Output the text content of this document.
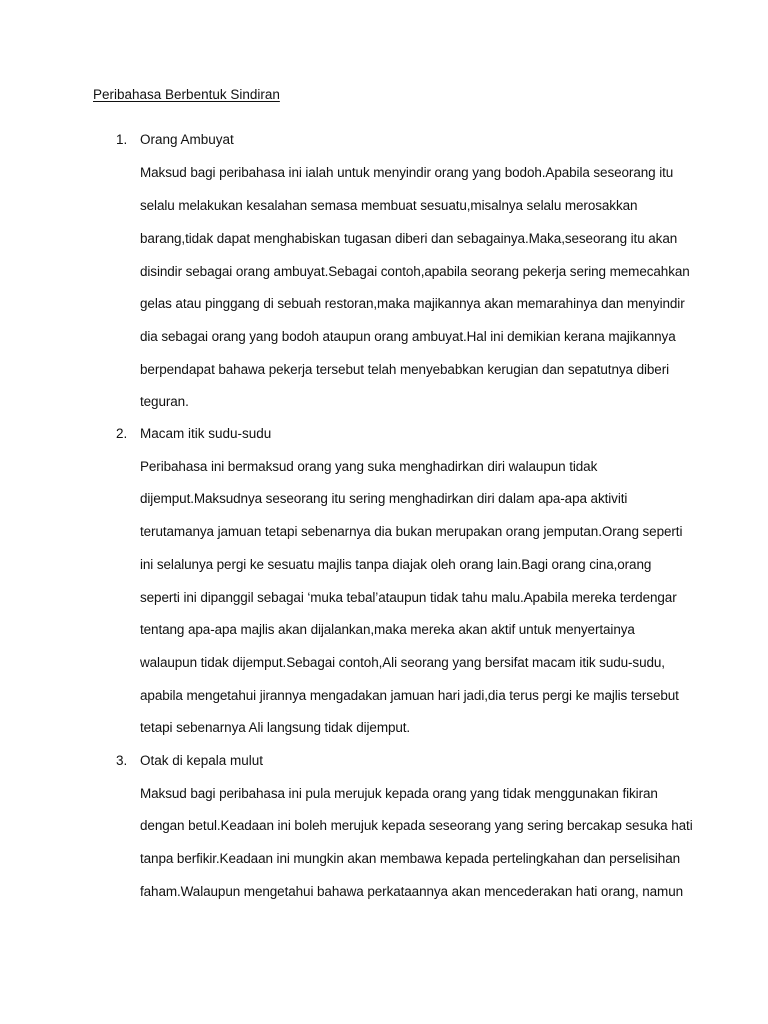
Peribahasa Berbentuk Sindiran
1. Orang Ambuyat
Maksud bagi peribahasa ini ialah untuk menyindir orang yang bodoh.Apabila seseorang itu
selalu melakukan kesalahan semasa membuat sesuatu,misalnya selalu merosakkan
barang,tidak dapat menghabiskan tugasan diberi dan sebagainya.Maka,seseorang itu akan
disindir sebagai orang ambuyat.Sebagai contoh,apabila seorang pekerja sering memecahkan
gelas atau pinggang di sebuah restoran,maka majikannya akan memarahinya dan menyindir
dia sebagai orang yang bodoh ataupun orang ambuyat.Hal ini demikian kerana majikannya
berpendapat bahawa pekerja tersebut telah menyebabkan kerugian dan sepatutnya diberi
teguran.
2. Macam itik sudu-sudu
Peribahasa ini bermaksud orang yang suka menghadirkan diri walaupun tidak
dijemput.Maksudnya seseorang itu sering menghadirkan diri dalam apa-apa aktiviti
terutamanya jamuan tetapi sebenarnya dia bukan merupakan orang jemputan.Orang seperti
ini selalunya pergi ke sesuatu majlis tanpa diajak oleh orang lain.Bagi orang cina,orang
seperti ini dipanggil sebagai ‘muka tebal’ataupun tidak tahu malu.Apabila mereka terdengar
tentang apa-apa majlis akan dijalankan,maka mereka akan aktif untuk menyertainya
walaupun tidak dijemput.Sebagai contoh,Ali seorang yang bersifat macam itik sudu-sudu,
apabila mengetahui jirannya mengadakan jamuan hari jadi,dia terus pergi ke majlis tersebut
tetapi sebenarnya Ali langsung tidak dijemput.
3. Otak di kepala mulut
Maksud bagi peribahasa ini pula merujuk kepada orang yang tidak menggunakan fikiran
dengan betul.Keadaan ini boleh merujuk kepada seseorang yang sering bercakap sesuka hati
tanpa berfikir.Keadaan ini mungkin akan membawa kepada pertelingkahan dan perselisihan
faham.Walaupun mengetahui bahawa perkataannya akan mencederakan hati orang, namun
